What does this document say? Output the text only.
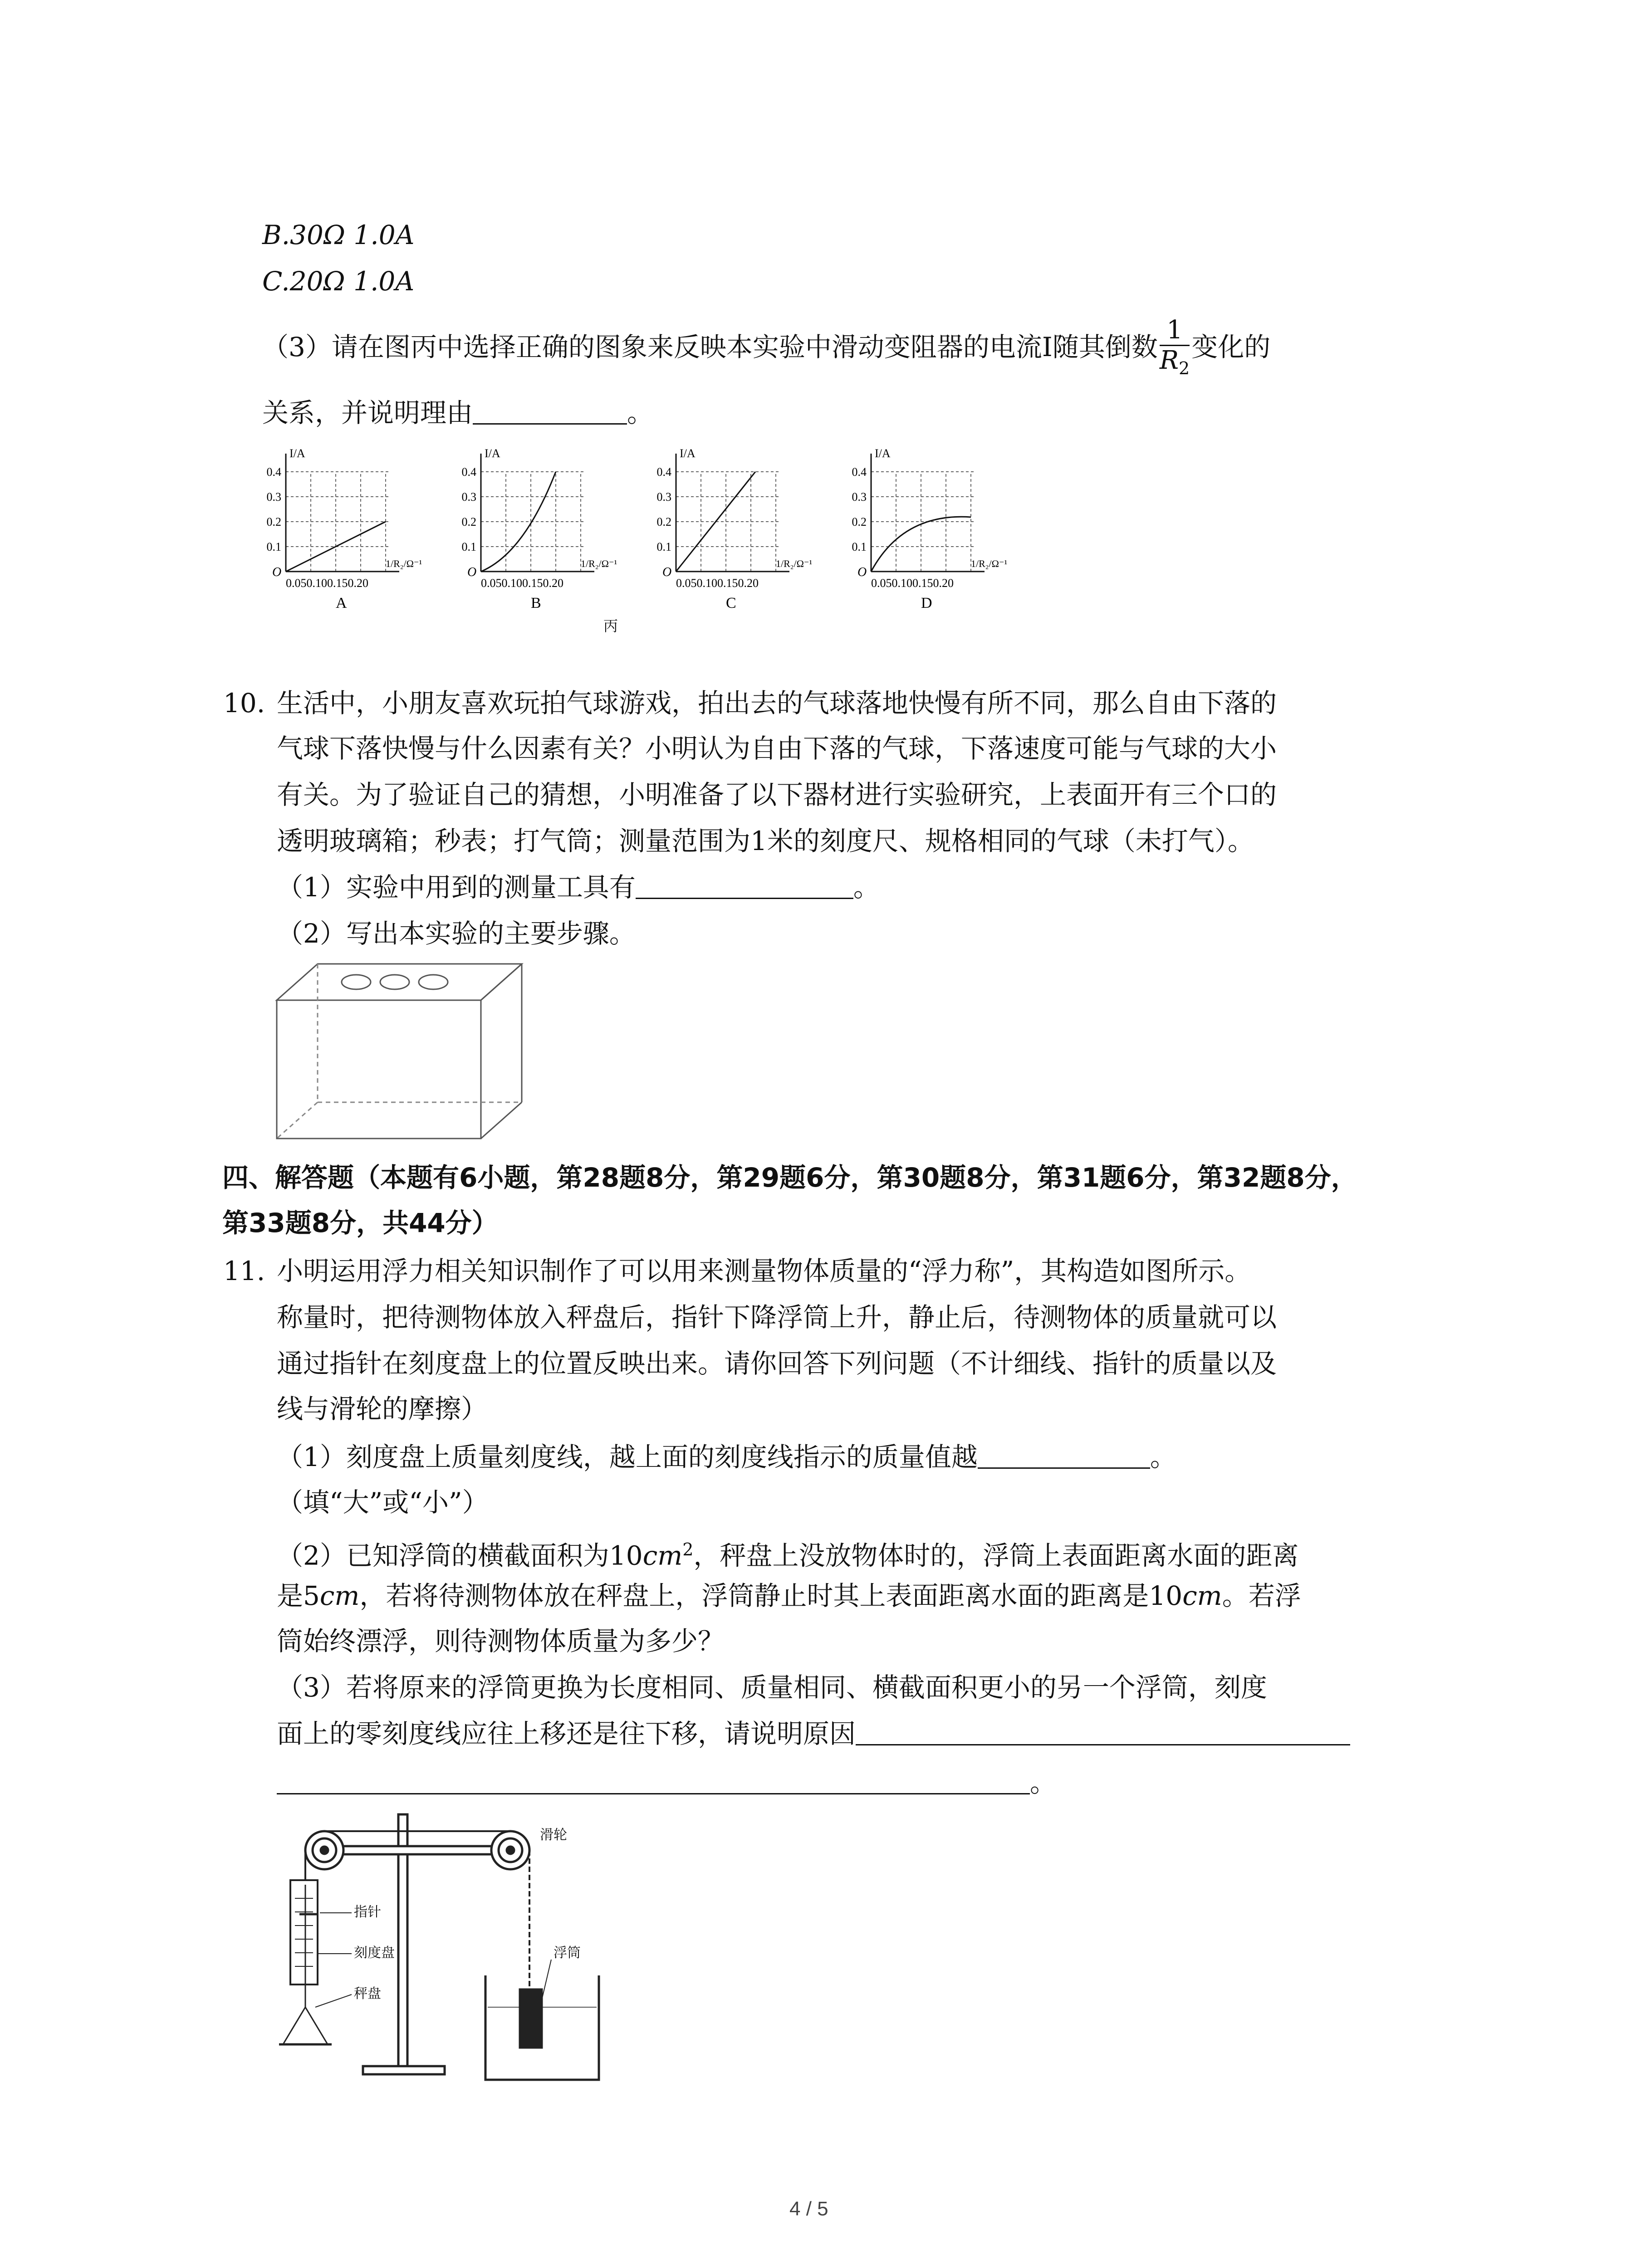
B.30Ω 1.0A
C.20Ω 1.0A
（3）请在图丙中选择正确的图象来反映本实验中滑动变阻器的电流I随其倒数 $\frac{1}{R_2}$ 变化的
关系，并说明理由	。
0.4
0.3
0.2
0.1
I/A
O
0.050.100.150.20
1/R₂/Ω⁻¹
A
0.4
0.3
0.2
0.1
I/A
O
0.050.100.150.20
1/R₂/Ω⁻¹
B
0.4
0.3
0.2
0.1
I/A
O
0.050.100.150.20
1/R₂/Ω⁻¹
C
0.4
0.3
0.2
0.1
I/A
O
0.050.100.150.20
1/R₂/Ω⁻¹
D
丙
10. 生活中，小朋友喜欢玩拍气球游戏，拍出去的气球落地快慢有所不同，那么自由下落的
气球下落快慢与什么因素有关？小明认为自由下落的气球，下落速度可能与气球的大小
有关。为了验证自己的猜想，小明准备了以下器材进行实验研究，上表面开有三个口的
透明玻璃箱；秒表；打气筒；测量范围为1米的刻度尺、规格相同的气球（未打气）。
（1）实验中用到的测量工具有	。
（2）写出本实验的主要步骤。
四、解答题（本题有6小题，第28题8分，第29题6分，第30题8分，第31题6分，第32题8分，
第33题8分，共44分）
11. 小明运用浮力相关知识制作了可以用来测量物体质量的“浮力称”，其构造如图所示。
称量时，把待测物体放入秤盘后，指针下降浮筒上升，静止后，待测物体的质量就可以
通过指针在刻度盘上的位置反映出来。请你回答下列问题（不计细线、指针的质量以及
线与滑轮的摩擦）
（1）刻度盘上质量刻度线，越上面的刻度线指示的质量值越	。
（填“大”或“小”）
（2）已知浮筒的横截面积为$10cm^2$，秤盘上没放物体时的，浮筒上表面距离水面的距离
是5cm，若将待测物体放在秤盘上，浮筒静止时其上表面距离水面的距离是10cm。若浮
筒始终漂浮，则待测物体质量为多少？
（3）若将原来的浮筒更换为长度相同、质量相同、横截面积更小的另一个浮筒，刻度
面上的零刻度线应往上移还是往下移，请说明原因
。
滑轮
指针
刻度盘
秤盘
浮筒
4 / 5
